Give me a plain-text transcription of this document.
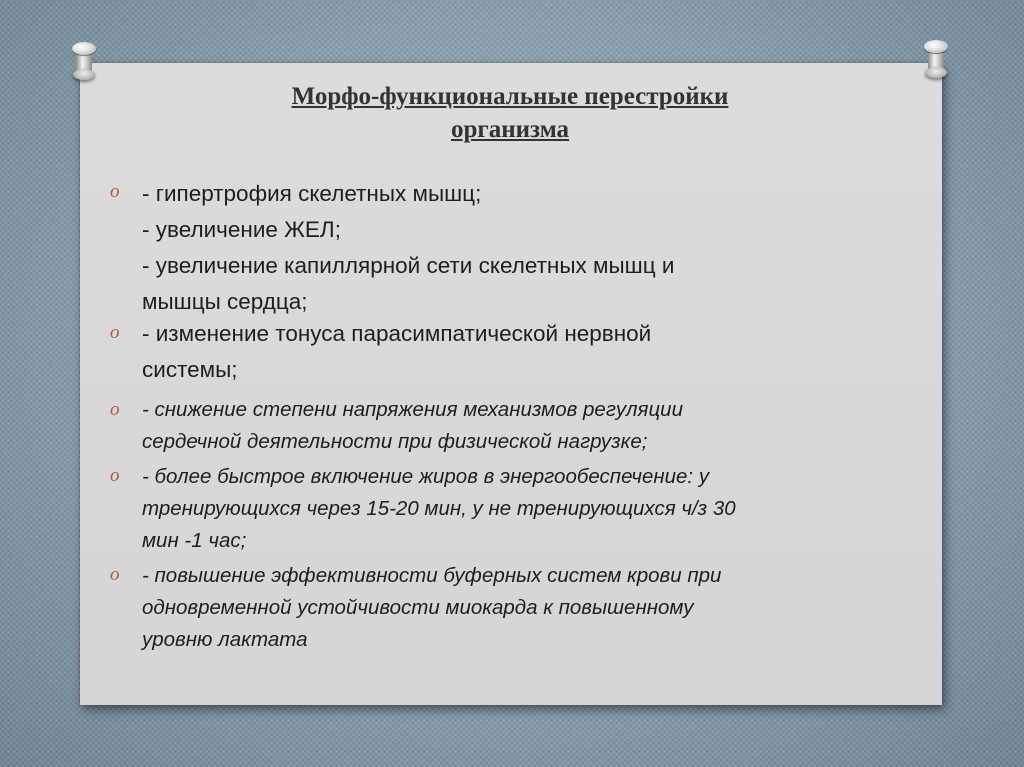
Морфо-функциональные перестройки
организма
o - гипертрофия скелетных мышц;
- увеличение ЖЕЛ;
- увеличение капиллярной сети скелетных мышц и
мышцы сердца;
o - изменение тонуса парасимпатической нервной
системы;
o - снижение степени напряжения механизмов регуляции
сердечной деятельности при физической нагрузке;
o - более быстрое включение жиров в энергообеспечение: у
тренирующихся через 15-20 мин, у не тренирующихся ч/з 30
мин -1 час;
o - повышение эффективности буферных систем крови при
одновременной устойчивости миокарда к повышенному
уровню лактата
